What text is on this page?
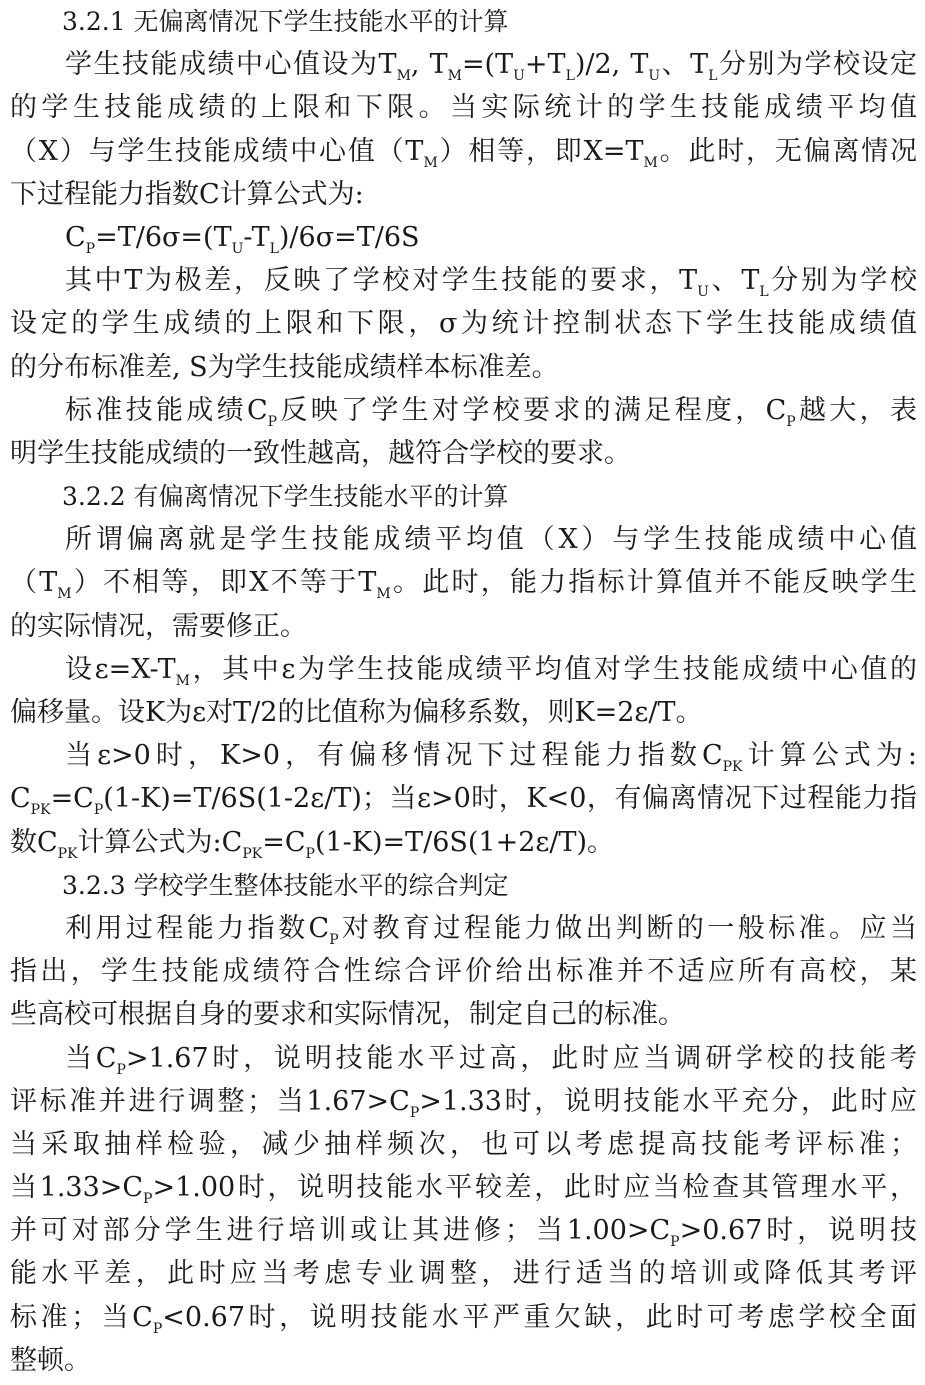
3.2.1 无偏离情况下学生技能水平的计算
学生技能成绩中心值设为$T_M$, $T_M=(T_U+T_L)/2$, $T_U$、$T_L$分别为学校设定
的学生技能成绩的上限和下限。当实际统计的学生技能成绩平均值
（X）与学生技能成绩中心值$(T_M)$相等，即$X=T_M$。此时，无偏离情况
下过程能力指数C计算公式为:
$C_P=T/6\sigma=(T_U-T_L)/6\sigma=T/6S$
其中T为极差，反映了学校对学生技能的要求，$T_U$、$T_L$分别为学校
设定的学生成绩的上限和下限，σ为统计控制状态下学生技能成绩值
的分布标准差, S为学生技能成绩样本标准差。
标准技能成绩$C_P$反映了学生对学校要求的满足程度，$C_P$越大，表
明学生技能成绩的一致性越高，越符合学校的要求。
3.2.2 有偏离情况下学生技能水平的计算
所谓偏离就是学生技能成绩平均值（X）与学生技能成绩中心值
$(T_M)$不相等，即X不等于$T_M$。此时，能力指标计算值并不能反映学生
的实际情况，需要修正。
设$\varepsilon=X-T_M$，其中ε为学生技能成绩平均值对学生技能成绩中心值的
偏移量。设K为ε对T/2的比值称为偏移系数，则K=2ε/T。
当ε>0时，K>0，有偏移情况下过程能力指数$C_{PK}$计算公式为:
$C_{PK}=C_P(1-K)=T/6S(1-2\varepsilon/T)$；当ε>0时，K<0，有偏离情况下过程能力指
数$C_{PK}$计算公式为$:C_{PK}=C_P(1-K)=T/6S(1+2\varepsilon/T)$。
3.2.3 学校学生整体技能水平的综合判定
利用过程能力指数$C_P$对教育过程能力做出判断的一般标准。应当
指出，学生技能成绩符合性综合评价给出标准并不适应所有高校，某
些高校可根据自身的要求和实际情况，制定自己的标准。
当$C_P>1.67$时，说明技能水平过高，此时应当调研学校的技能考
评标准并进行调整；当$1.67>C_P>1.33$时，说明技能水平充分，此时应
当采取抽样检验，减少抽样频次，也可以考虑提高技能考评标准；
当$1.33>C_P>1.00$时，说明技能水平较差，此时应当检查其管理水平，
并可对部分学生进行培训或让其进修；当$1.00>C_P>0.67$时，说明技
能水平差，此时应当考虑专业调整，进行适当的培训或降低其考评
标准；当$C_P<0.67$时，说明技能水平严重欠缺，此时可考虑学校全面
整顿。
